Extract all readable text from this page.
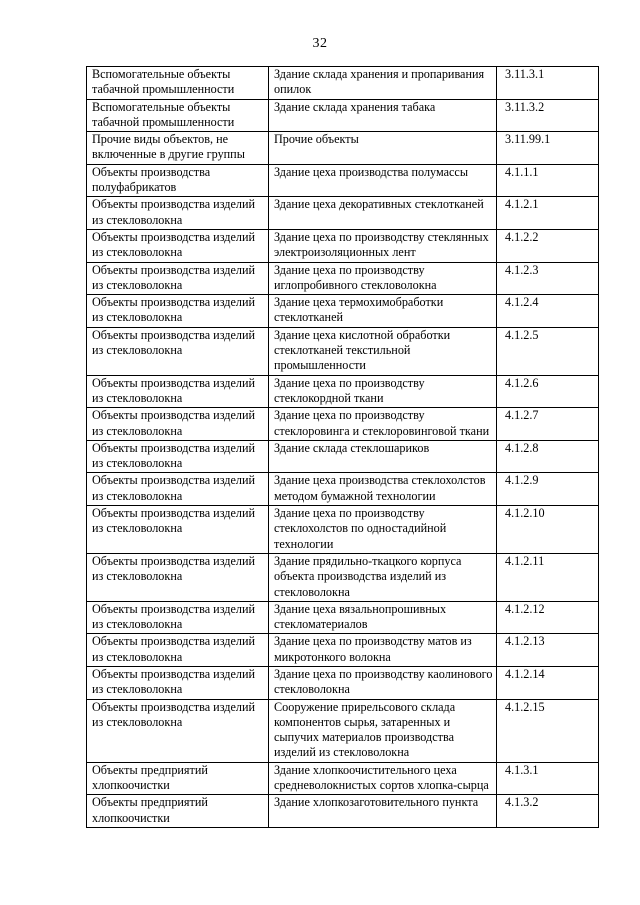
32
Вспомогательные объекты табачной промышленности	Здание склада хранения и пропаривания опилок	3.11.3.1
Вспомогательные объекты табачной промышленности	Здание склада хранения табака	3.11.3.2
Прочие виды объектов, не включенные в другие группы	Прочие объекты	3.11.99.1
Объекты производства полуфабрикатов	Здание цеха производства полумассы	4.1.1.1
Объекты производства изделий из стекловолокна	Здание цеха декоративных стеклотканей	4.1.2.1
Объекты производства изделий из стекловолокна	Здание цеха по производству стеклянных электроизоляционных лент	4.1.2.2
Объекты производства изделий из стекловолокна	Здание цеха по производству иглопробивного стекловолокна	4.1.2.3
Объекты производства изделий из стекловолокна	Здание цеха термохимобработки стеклотканей	4.1.2.4
Объекты производства изделий из стекловолокна	Здание цеха кислотной обработки стеклотканей текстильной промышленности	4.1.2.5
Объекты производства изделий из стекловолокна	Здание цеха по производству стеклокордной ткани	4.1.2.6
Объекты производства изделий из стекловолокна	Здание цеха по производству стеклоровинга и стеклоровинговой ткани	4.1.2.7
Объекты производства изделий из стекловолокна	Здание склада стеклошариков	4.1.2.8
Объекты производства изделий из стекловолокна	Здание цеха производства стеклохолстов методом бумажной технологии	4.1.2.9
Объекты производства изделий из стекловолокна	Здание цеха по производству стеклохолстов по одностадийной технологии	4.1.2.10
Объекты производства изделий из стекловолокна	Здание прядильно-ткацкого корпуса объекта производства изделий из стекловолокна	4.1.2.11
Объекты производства изделий из стекловолокна	Здание цеха вязальнопрошивных стекломатериалов	4.1.2.12
Объекты производства изделий из стекловолокна	Здание цеха по производству матов из микротонкого волокна	4.1.2.13
Объекты производства изделий из стекловолокна	Здание цеха по производству каолинового стекловолокна	4.1.2.14
Объекты производства изделий из стекловолокна	Сооружение прирельсового склада компонентов сырья, затаренных и сыпучих материалов производства изделий из стекловолокна	4.1.2.15
Объекты предприятий хлопкоочистки	Здание хлопкоочистительного цеха средневолокнистых сортов хлопка-сырца	4.1.3.1
Объекты предприятий хлопкоочистки	Здание хлопкозаготовительного пункта	4.1.3.2
